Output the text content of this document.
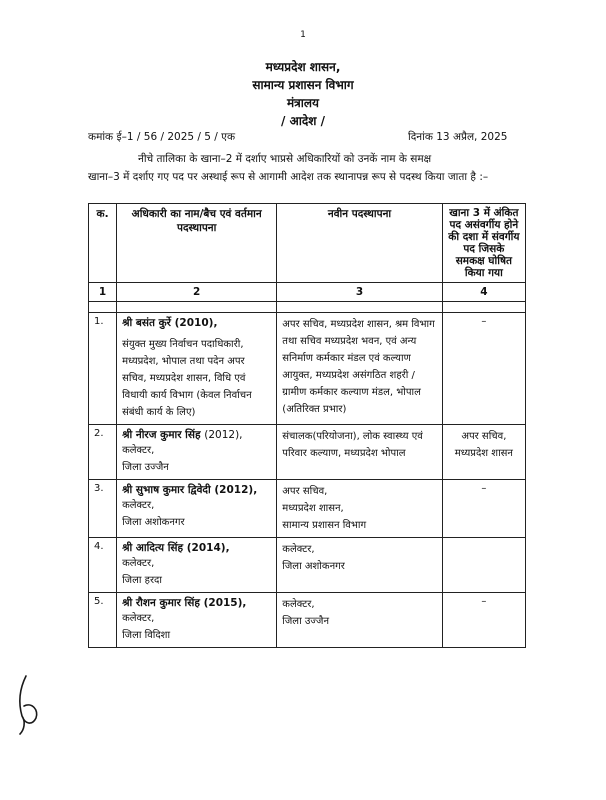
1
मध्यप्रदेश शासन,
सामान्य प्रशासन विभाग
मंत्रालय
/ आदेश /
कमांक ई–1 / 56 / 2025 / 5 / एक	दिनांक 13 अप्रैल, 2025
नीचे तालिका के खाना–2 में दर्शाए भाप्रसे अधिकारियों को उनकें नाम के समक्ष
खाना–3 में दर्शाए गए पद पर अस्थाई रूप से आगामी आदेश तक स्थानापन्न रूप से पदस्थ किया जाता है :–
क.	अधिकारी का नाम/बैच एवं वर्तमान पदस्थापना	नवीन पदस्थापना	खाना 3 में अंकित पद असंवर्गीय होने की दशा में संवर्गीय पद जिसके समकक्ष घोषित किया गया
1	2	3	4

1.	श्री बसंत कुर्रे (2010),
संयुक्त मुख्य निर्वाचन पदाधिकारी, मध्यप्रदेश, भोपाल तथा पदेन अपर सचिव, मध्यप्रदेश शासन, विधि एवं विधायी कार्य विभाग (केवल निर्वाचन संबंधी कार्य के लिए)	अपर सचिव, मध्यप्रदेश शासन, श्रम विभाग तथा सचिव मध्यप्रदेश भवन, एवं अन्य सनिर्माण कर्मकार मंडल एवं कल्याण आयुक्त, मध्यप्रदेश असंगठित शहरी / ग्रामीण कर्मकार कल्याण मंडल, भोपाल (अतिरिक्त प्रभार)	–
2.	श्री नीरज कुमार सिंह (2012),
कलेक्टर,
जिला उज्जैन	संचालक(परियोजना), लोक स्वास्थ्य एवं परिवार कल्याण, मध्यप्रदेश भोपाल	अपर सचिव, मध्यप्रदेश शासन

3.	श्री सुभाष कुमार द्विवेदी (2012),
कलेक्टर,
जिला अशोकनगर	अपर सचिव,
मध्यप्रदेश शासन,
सामान्य प्रशासन विभाग	–
4.	श्री आदित्य सिंह (2014),
कलेक्टर,
जिला हरदा	कलेक्टर,
जिला अशोकनगर	

5.	श्री रौशन कुमार सिंह (2015),
कलेक्टर,
जिला विदिशा	कलेक्टर,
जिला उज्जैन	–
